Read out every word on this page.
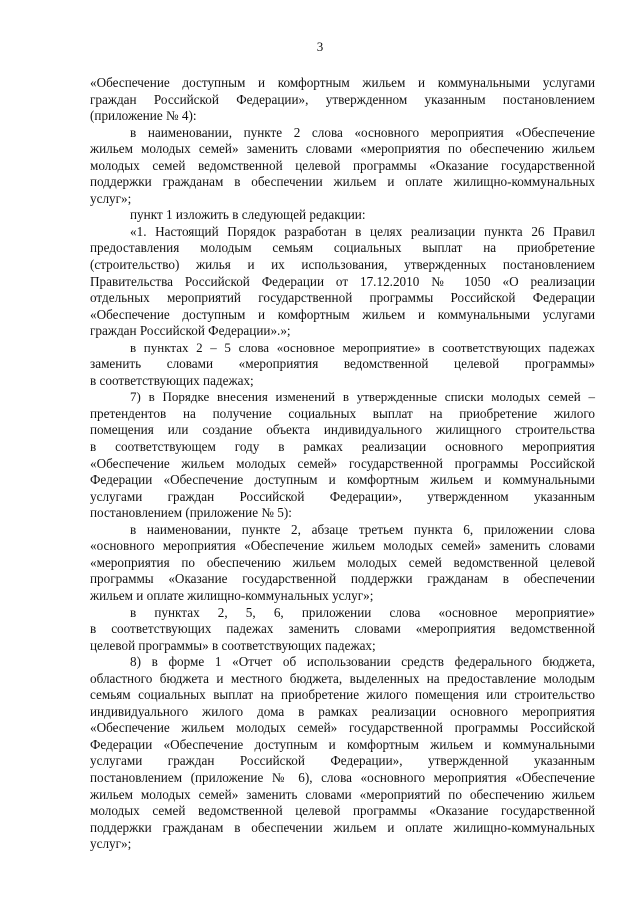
3
«Обеспечение доступным и комфортным жильем и коммунальными услугами
граждан Российской Федерации», утвержденном указанным постановлением
(приложение № 4):
в наименовании, пункте 2 слова «основного мероприятия «Обеспечение
жильем молодых семей» заменить словами «мероприятия по обеспечению жильем
молодых семей ведомственной целевой программы «Оказание государственной
поддержки гражданам в обеспечении жильем и оплате жилищно-коммунальных
услуг»;
пункт 1 изложить в следующей редакции:
«1. Настоящий Порядок разработан в целях реализации пункта 26 Правил
предоставления молодым семьям социальных выплат на приобретение
(строительство) жилья и их использования, утвержденных постановлением
Правительства Российской Федерации от 17.12.2010 № 1050 «О реализации
отдельных мероприятий государственной программы Российской Федерации
«Обеспечение доступным и комфортным жильем и коммунальными услугами
граждан Российской Федерации».»;
в пунктах 2 – 5 слова «основное мероприятие» в соответствующих падежах
заменить словами «мероприятия ведомственной целевой программы»
в соответствующих падежах;
7) в Порядке внесения изменений в утвержденные списки молодых семей –
претендентов на получение социальных выплат на приобретение жилого
помещения или создание объекта индивидуального жилищного строительства
в соответствующем году в рамках реализации основного мероприятия
«Обеспечение жильем молодых семей» государственной программы Российской
Федерации «Обеспечение доступным и комфортным жильем и коммунальными
услугами граждан Российской Федерации», утвержденном указанным
постановлением (приложение № 5):
в наименовании, пункте 2, абзаце третьем пункта 6, приложении слова
«основного мероприятия «Обеспечение жильем молодых семей» заменить словами
«мероприятия по обеспечению жильем молодых семей ведомственной целевой
программы «Оказание государственной поддержки гражданам в обеспечении
жильем и оплате жилищно-коммунальных услуг»;
в пунктах 2, 5, 6, приложении слова «основное мероприятие»
в соответствующих падежах заменить словами «мероприятия ведомственной
целевой программы» в соответствующих падежах;
8) в форме 1 «Отчет об использовании средств федерального бюджета,
областного бюджета и местного бюджета, выделенных на предоставление молодым
семьям социальных выплат на приобретение жилого помещения или строительство
индивидуального жилого дома в рамках реализации основного мероприятия
«Обеспечение жильем молодых семей» государственной программы Российской
Федерации «Обеспечение доступным и комфортным жильем и коммунальными
услугами граждан Российской Федерации», утвержденной указанным
постановлением (приложение № 6), слова «основного мероприятия «Обеспечение
жильем молодых семей» заменить словами «мероприятий по обеспечению жильем
молодых семей ведомственной целевой программы «Оказание государственной
поддержки гражданам в обеспечении жильем и оплате жилищно-коммунальных
услуг»;
